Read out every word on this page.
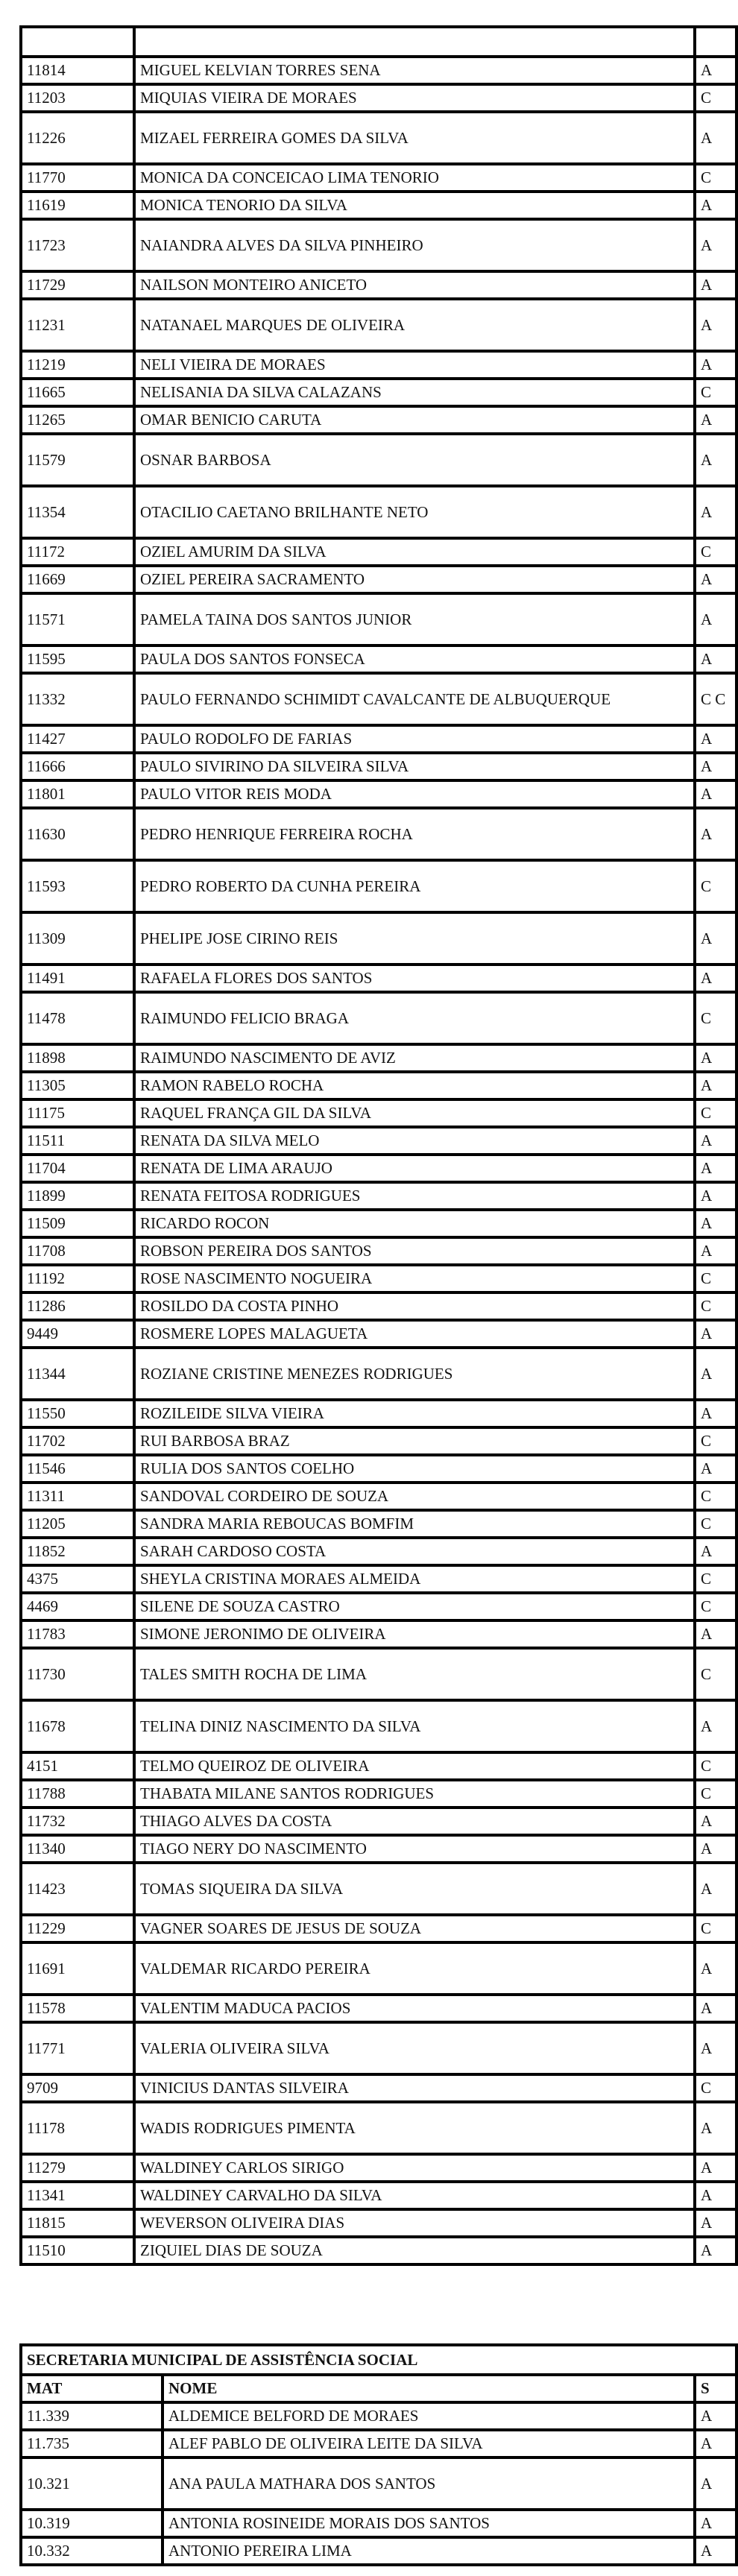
11814	MIGUEL KELVIAN TORRES SENA	A
11203	MIQUIAS VIEIRA DE MORAES	C
11226	MIZAEL FERREIRA GOMES DA SILVA	A
11770	MONICA DA CONCEICAO LIMA TENORIO	C
11619	MONICA TENORIO DA SILVA	A
11723	NAIANDRA ALVES DA SILVA PINHEIRO	A
11729	NAILSON MONTEIRO ANICETO	A
11231	NATANAEL MARQUES DE OLIVEIRA	A
11219	NELI VIEIRA DE MORAES	A
11665	NELISANIA DA SILVA CALAZANS	C
11265	OMAR BENICIO CARUTA	A
11579	OSNAR BARBOSA	A
11354	OTACILIO CAETANO BRILHANTE NETO	A
11172	OZIEL AMURIM DA SILVA	C
11669	OZIEL PEREIRA SACRAMENTO	A
11571	PAMELA TAINA DOS SANTOS JUNIOR	A
11595	PAULA DOS SANTOS FONSECA	A
11332	PAULO FERNANDO SCHIMIDT CAVALCANTE DE ALBUQUERQUE	C C
11427	PAULO RODOLFO DE FARIAS	A
11666	PAULO SIVIRINO DA SILVEIRA SILVA	A
11801	PAULO VITOR REIS MODA	A
11630	PEDRO HENRIQUE FERREIRA ROCHA	A
11593	PEDRO ROBERTO DA CUNHA PEREIRA	C
11309	PHELIPE JOSE CIRINO REIS	A
11491	RAFAELA FLORES DOS SANTOS	A
11478	RAIMUNDO FELICIO BRAGA	C
11898	RAIMUNDO NASCIMENTO DE AVIZ	A
11305	RAMON RABELO ROCHA	A
11175	RAQUEL FRANÇA GIL DA SILVA	C
11511	RENATA DA SILVA MELO	A
11704	RENATA DE LIMA ARAUJO	A
11899	RENATA FEITOSA RODRIGUES	A
11509	RICARDO ROCON	A
11708	ROBSON PEREIRA DOS SANTOS	A
11192	ROSE NASCIMENTO NOGUEIRA	C
11286	ROSILDO DA COSTA PINHO	C
9449	ROSMERE LOPES MALAGUETA	A
11344	ROZIANE CRISTINE MENEZES RODRIGUES	A
11550	ROZILEIDE SILVA VIEIRA	A
11702	RUI BARBOSA BRAZ	C
11546	RULIA DOS SANTOS COELHO	A
11311	SANDOVAL CORDEIRO DE SOUZA	C
11205	SANDRA MARIA REBOUCAS BOMFIM	C
11852	SARAH CARDOSO COSTA	A
4375	SHEYLA CRISTINA MORAES ALMEIDA	C
4469	SILENE DE SOUZA CASTRO	C
11783	SIMONE JERONIMO DE OLIVEIRA	A
11730	TALES SMITH ROCHA DE LIMA	C
11678	TELINA DINIZ NASCIMENTO DA SILVA	A
4151	TELMO QUEIROZ DE OLIVEIRA	C
11788	THABATA MILANE SANTOS RODRIGUES	C
11732	THIAGO ALVES DA COSTA	A
11340	TIAGO NERY DO NASCIMENTO	A
11423	TOMAS SIQUEIRA DA SILVA	A
11229	VAGNER SOARES DE JESUS DE SOUZA	C
11691	VALDEMAR RICARDO PEREIRA	A
11578	VALENTIM MADUCA PACIOS	A
11771	VALERIA OLIVEIRA SILVA	A
9709	VINICIUS DANTAS SILVEIRA	C
11178	WADIS RODRIGUES PIMENTA	A
11279	WALDINEY CARLOS SIRIGO	A
11341	WALDINEY CARVALHO DA SILVA	A
11815	WEVERSON OLIVEIRA DIAS	A
11510	ZIQUIEL DIAS DE SOUZA	A
SECRETARIA MUNICIPAL DE ASSISTÊNCIA SOCIAL		
MAT	NOME	S
11.339	ALDEMICE BELFORD DE MORAES	A
11.735	ALEF PABLO DE OLIVEIRA LEITE DA SILVA	A
10.321	ANA PAULA MATHARA DOS SANTOS	A
10.319	ANTONIA ROSINEIDE MORAIS DOS SANTOS	A
10.332	ANTONIO PEREIRA LIMA	A
